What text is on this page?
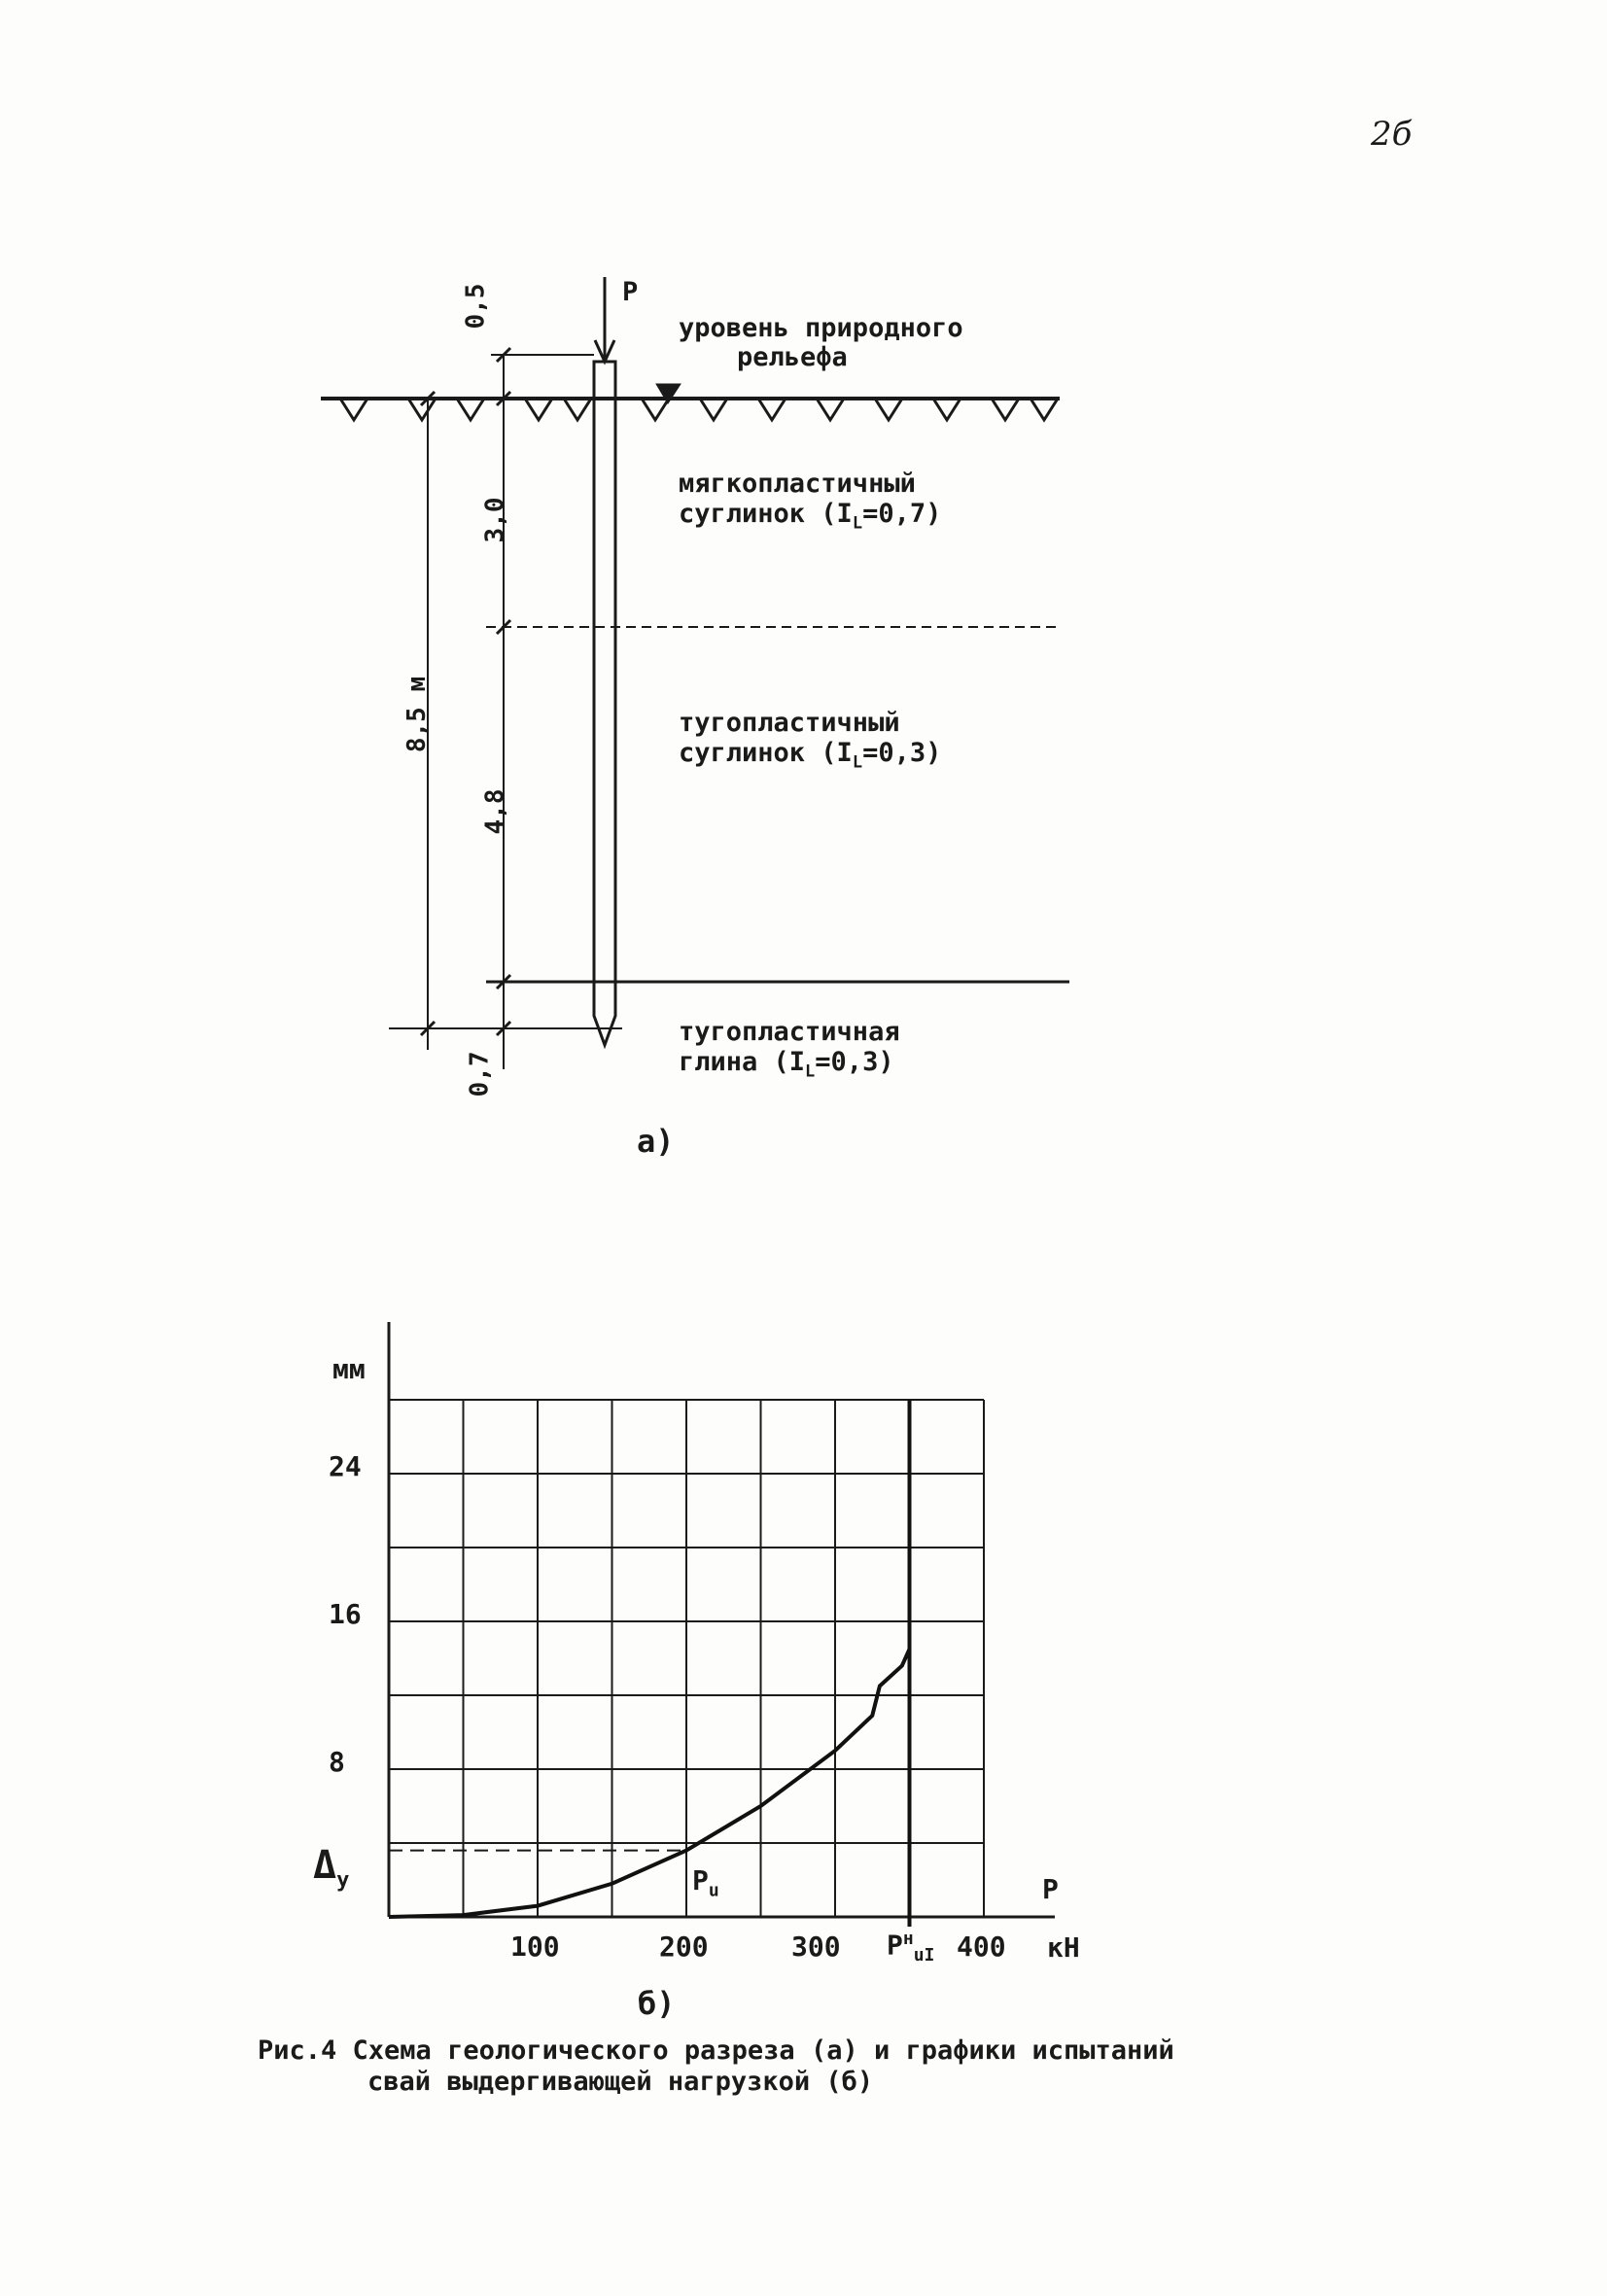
2б
P
уровень природного
рельефа
мягкопластичный
суглинок $(I_L=0,7)$
тугопластичный
суглинок $(I_L=0,3)$
тугопластичная
глина $(I_L=0,3)$
0,5
3,0
4,8
8,5 м
0,7
а)
мм
24
16
8
$\Delta_у$
100	200	300	400 кН
P
$P_u$
$P^н_{uI}$
б)
Рис.4 Схема геологического разреза (а) и графики испытаний
свай выдергивающей нагрузкой (б)
